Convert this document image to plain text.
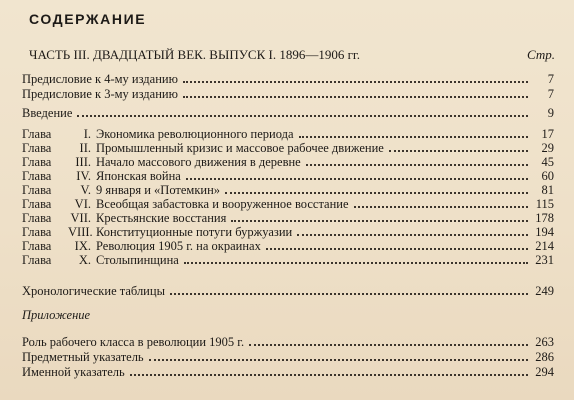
СОДЕРЖАНИЕ
ЧАСТЬ III. ДВАДЦАТЫЙ ВЕК. ВЫПУСК I. 1896—1906 гг.	Стр.
Предисловие к 4-му изданию	7
Предисловие к 3-му изданию	7
Введение	9
Глава	I. Экономика революционного периода	17
Глава	II. Промышленный кризис и массовое рабочее движение	29
Глава	III. Начало массового движения в деревне	45
Глава	IV. Японская война	60
Глава	V. 9 января и «Потемкин»	81
Глава	VI. Всеобщая забастовка и вооруженное восстание	115
Глава	VII. Крестьянские восстания	178
Глава	VIII. Конституционные потуги буржуазии	194
Глава	IX. Революция 1905 г. на окраинах	214
Глава	X. Столыпинщина	231
Хронологические таблицы	249
Приложение
Роль рабочего класса в революции 1905 г.	263
Предметный указатель	286
Именной указатель	294
